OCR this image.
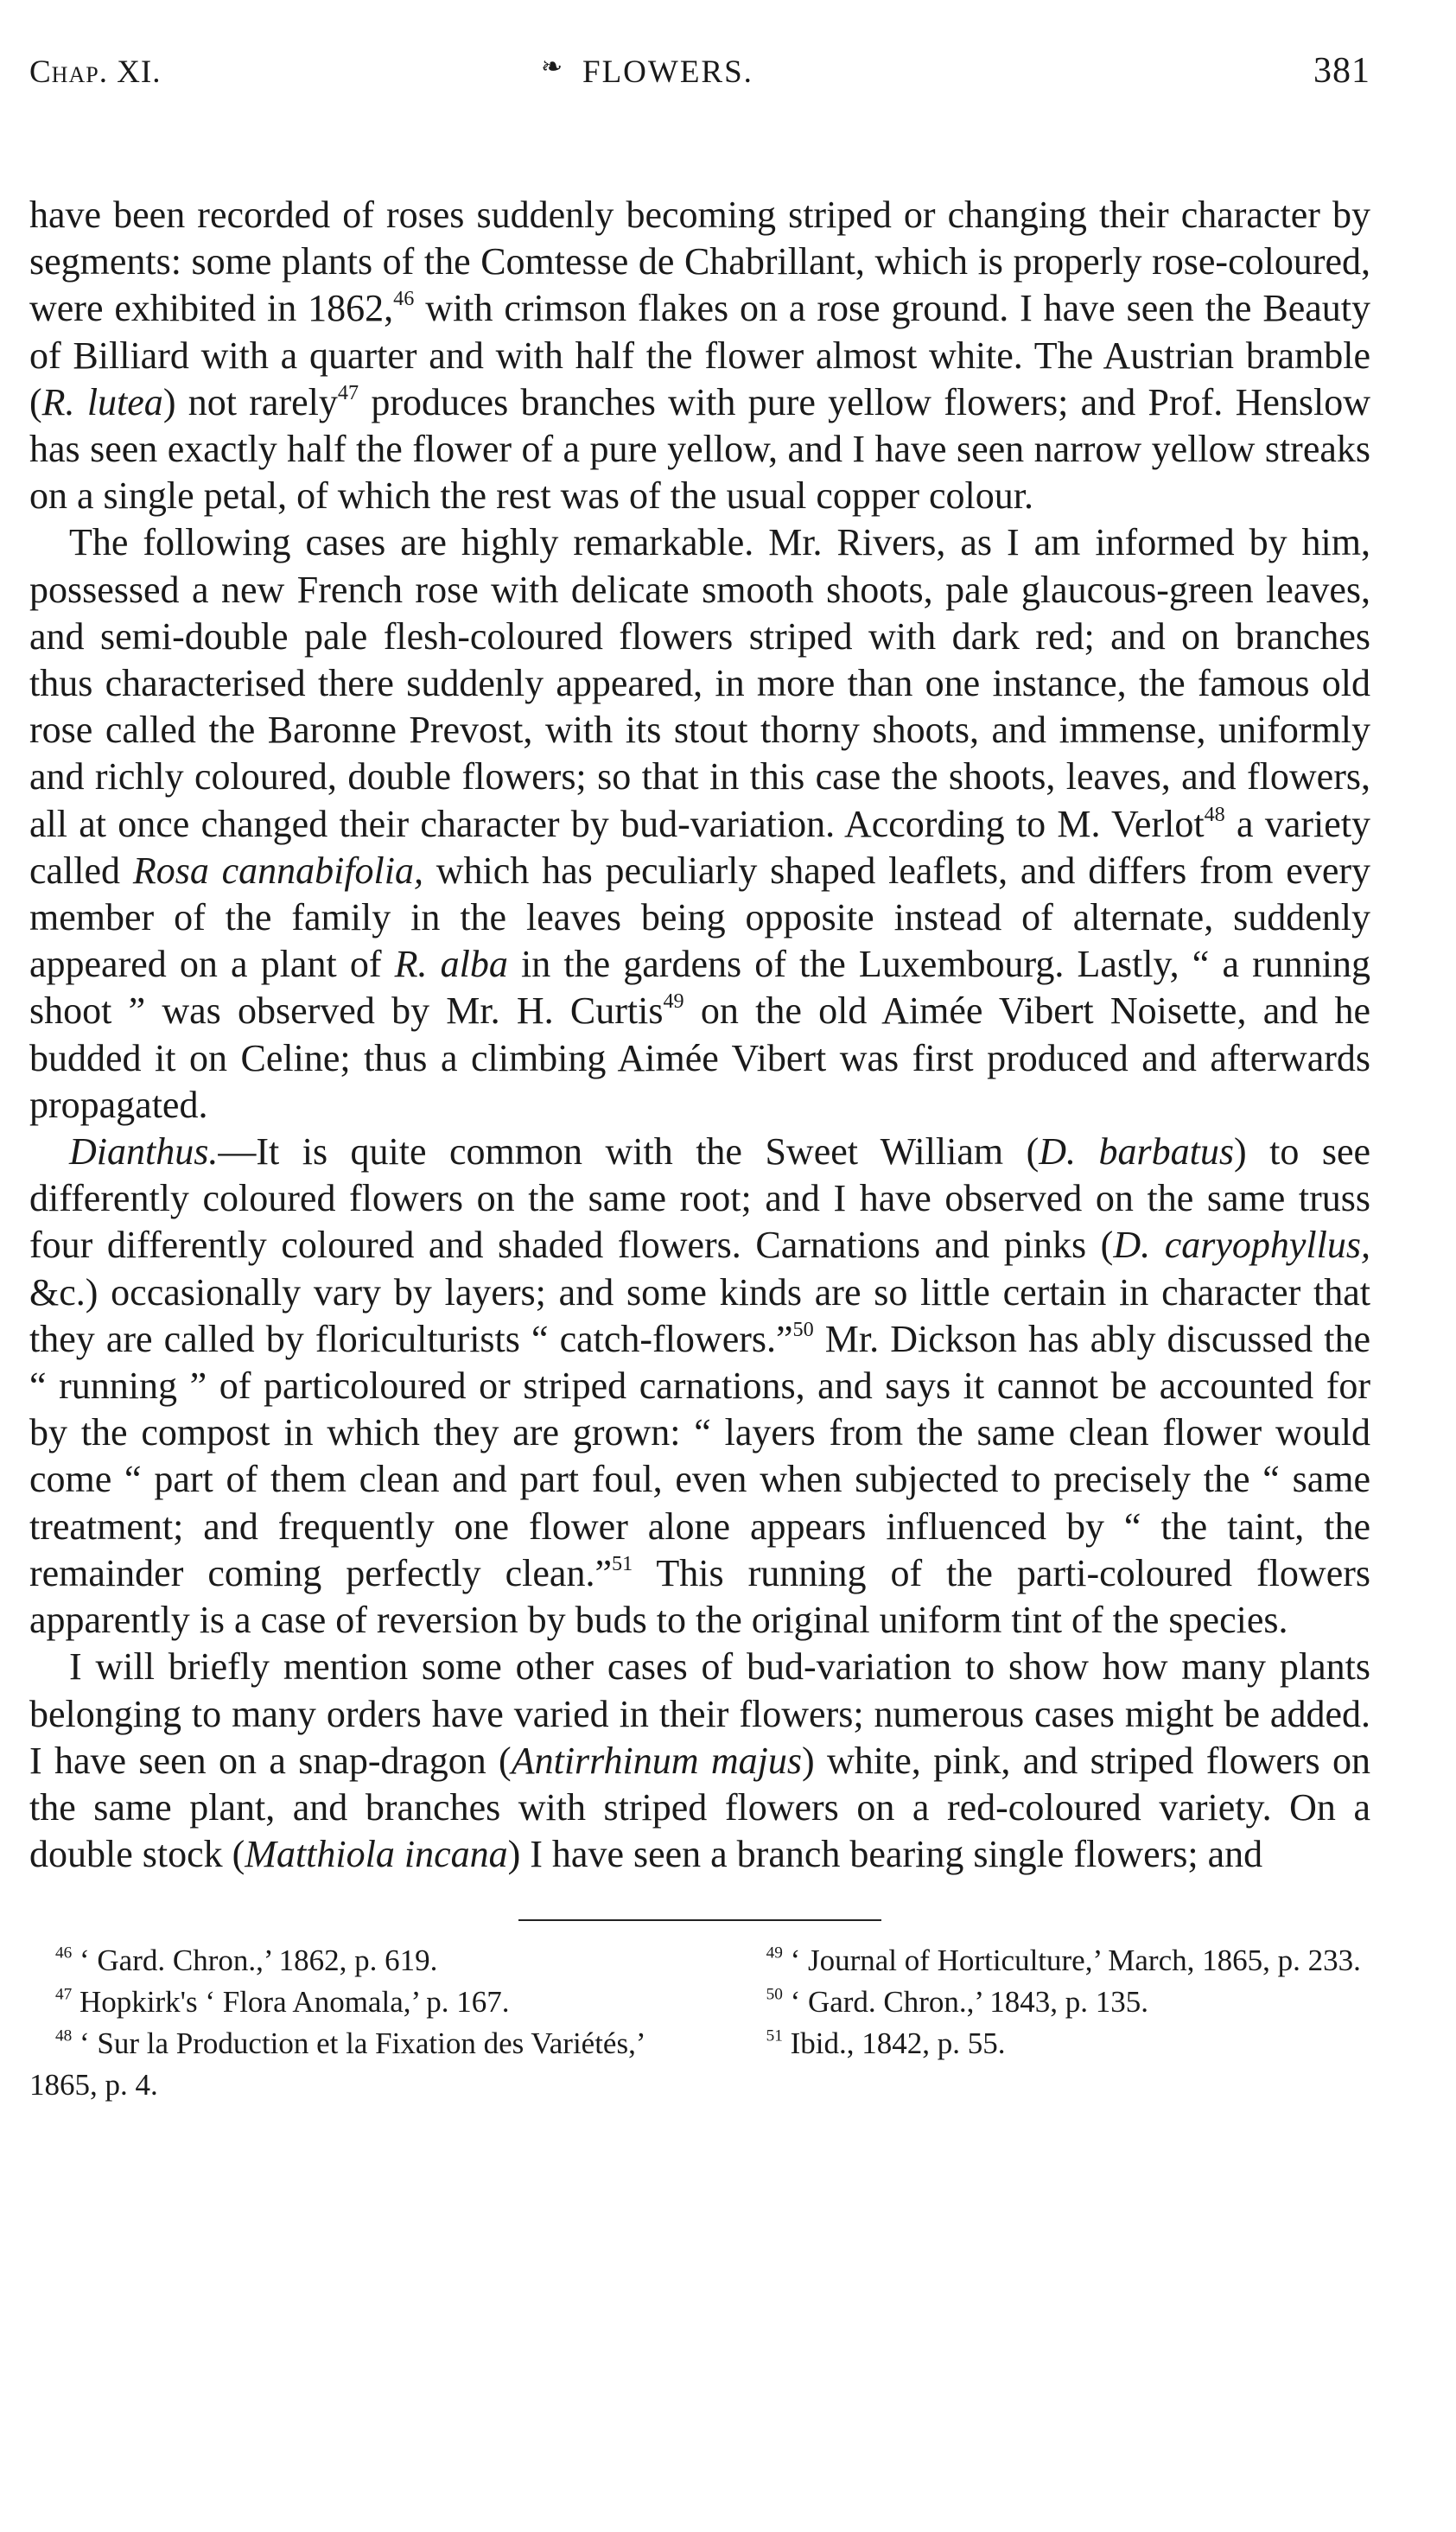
Chap. XI.	❧ FLOWERS.	381

have been recorded of roses suddenly becoming striped or changing their character by segments: some plants of the Comtesse de Chabrillant, which is properly rose-coloured, were exhibited in 1862,46 with crimson flakes on a rose ground. I have seen the Beauty of Billiard with a quarter and with half the flower almost white. The Austrian bramble (R. lutea) not rarely$^{47}$ produces branches with pure yellow flowers; and Prof. Henslow has seen exactly half the flower of a pure yellow, and I have seen narrow yellow streaks on a single petal, of which the rest was of the usual copper colour.

The following cases are highly remarkable. Mr. Rivers, as I am informed by him, possessed a new French rose with delicate smooth shoots, pale glaucous-green leaves, and semi-double pale flesh-coloured flowers striped with dark red; and on branches thus characterised there suddenly appeared, in more than one instance, the famous old rose called the Baronne Prevost, with its stout thorny shoots, and immense, uniformly and richly coloured, double flowers; so that in this case the shoots, leaves, and flowers, all at once changed their character by bud-variation. According to M. Verlot$^{48}$ a variety called Rosa cannabifolia, which has peculiarly shaped leaflets, and differs from every member of the family in the leaves being opposite instead of alternate, suddenly appeared on a plant of R. alba in the gardens of the Luxembourg. Lastly, “ a running shoot ” was observed by Mr. H. Curtis$^{49}$ on the old Aimée Vibert Noisette, and he budded it on Celine; thus a climbing Aimée Vibert was first produced and afterwards propagated.

Dianthus.—It is quite common with the Sweet William (D. barbatus) to see differently coloured flowers on the same root; and I have observed on the same truss four differently coloured and shaded flowers. Carnations and pinks (D. caryophyllus, &c.) occasionally vary by layers; and some kinds are so little certain in character that they are called by floriculturists “ catch-flowers.”$^{50}$ Mr. Dickson has ably discussed the “ running ” of particoloured or striped carnations, and says it cannot be accounted for by the compost in which they are grown: “ layers from the same clean flower would come “ part of them clean and part foul, even when subjected to precisely the “ same treatment; and frequently one flower alone appears influenced by “ the taint, the remainder coming perfectly clean.”$^{51}$ This running of the parti-coloured flowers apparently is a case of reversion by buds to the original uniform tint of the species.

I will briefly mention some other cases of bud-variation to show how many plants belonging to many orders have varied in their flowers; numerous cases might be added. I have seen on a snap-dragon (Antirrhinum majus) white, pink, and striped flowers on the same plant, and branches with striped flowers on a red-coloured variety. On a double stock (Matthiola incana) I have seen a branch bearing single flowers; and

$^{46}$ ‘ Gard. Chron.,’ 1862, p. 619.
$^{47}$ Hopkirk's ‘ Flora Anomala,’ p. 167.
$^{48}$ ‘ Sur la Production et la Fixation des Variétés,’ 1865, p. 4.
$^{49}$ ‘ Journal of Horticulture,’ March, 1865, p. 233.
$^{50}$ ‘ Gard. Chron.,’ 1843, p. 135.
$^{51}$ Ibid., 1842, p. 55.
